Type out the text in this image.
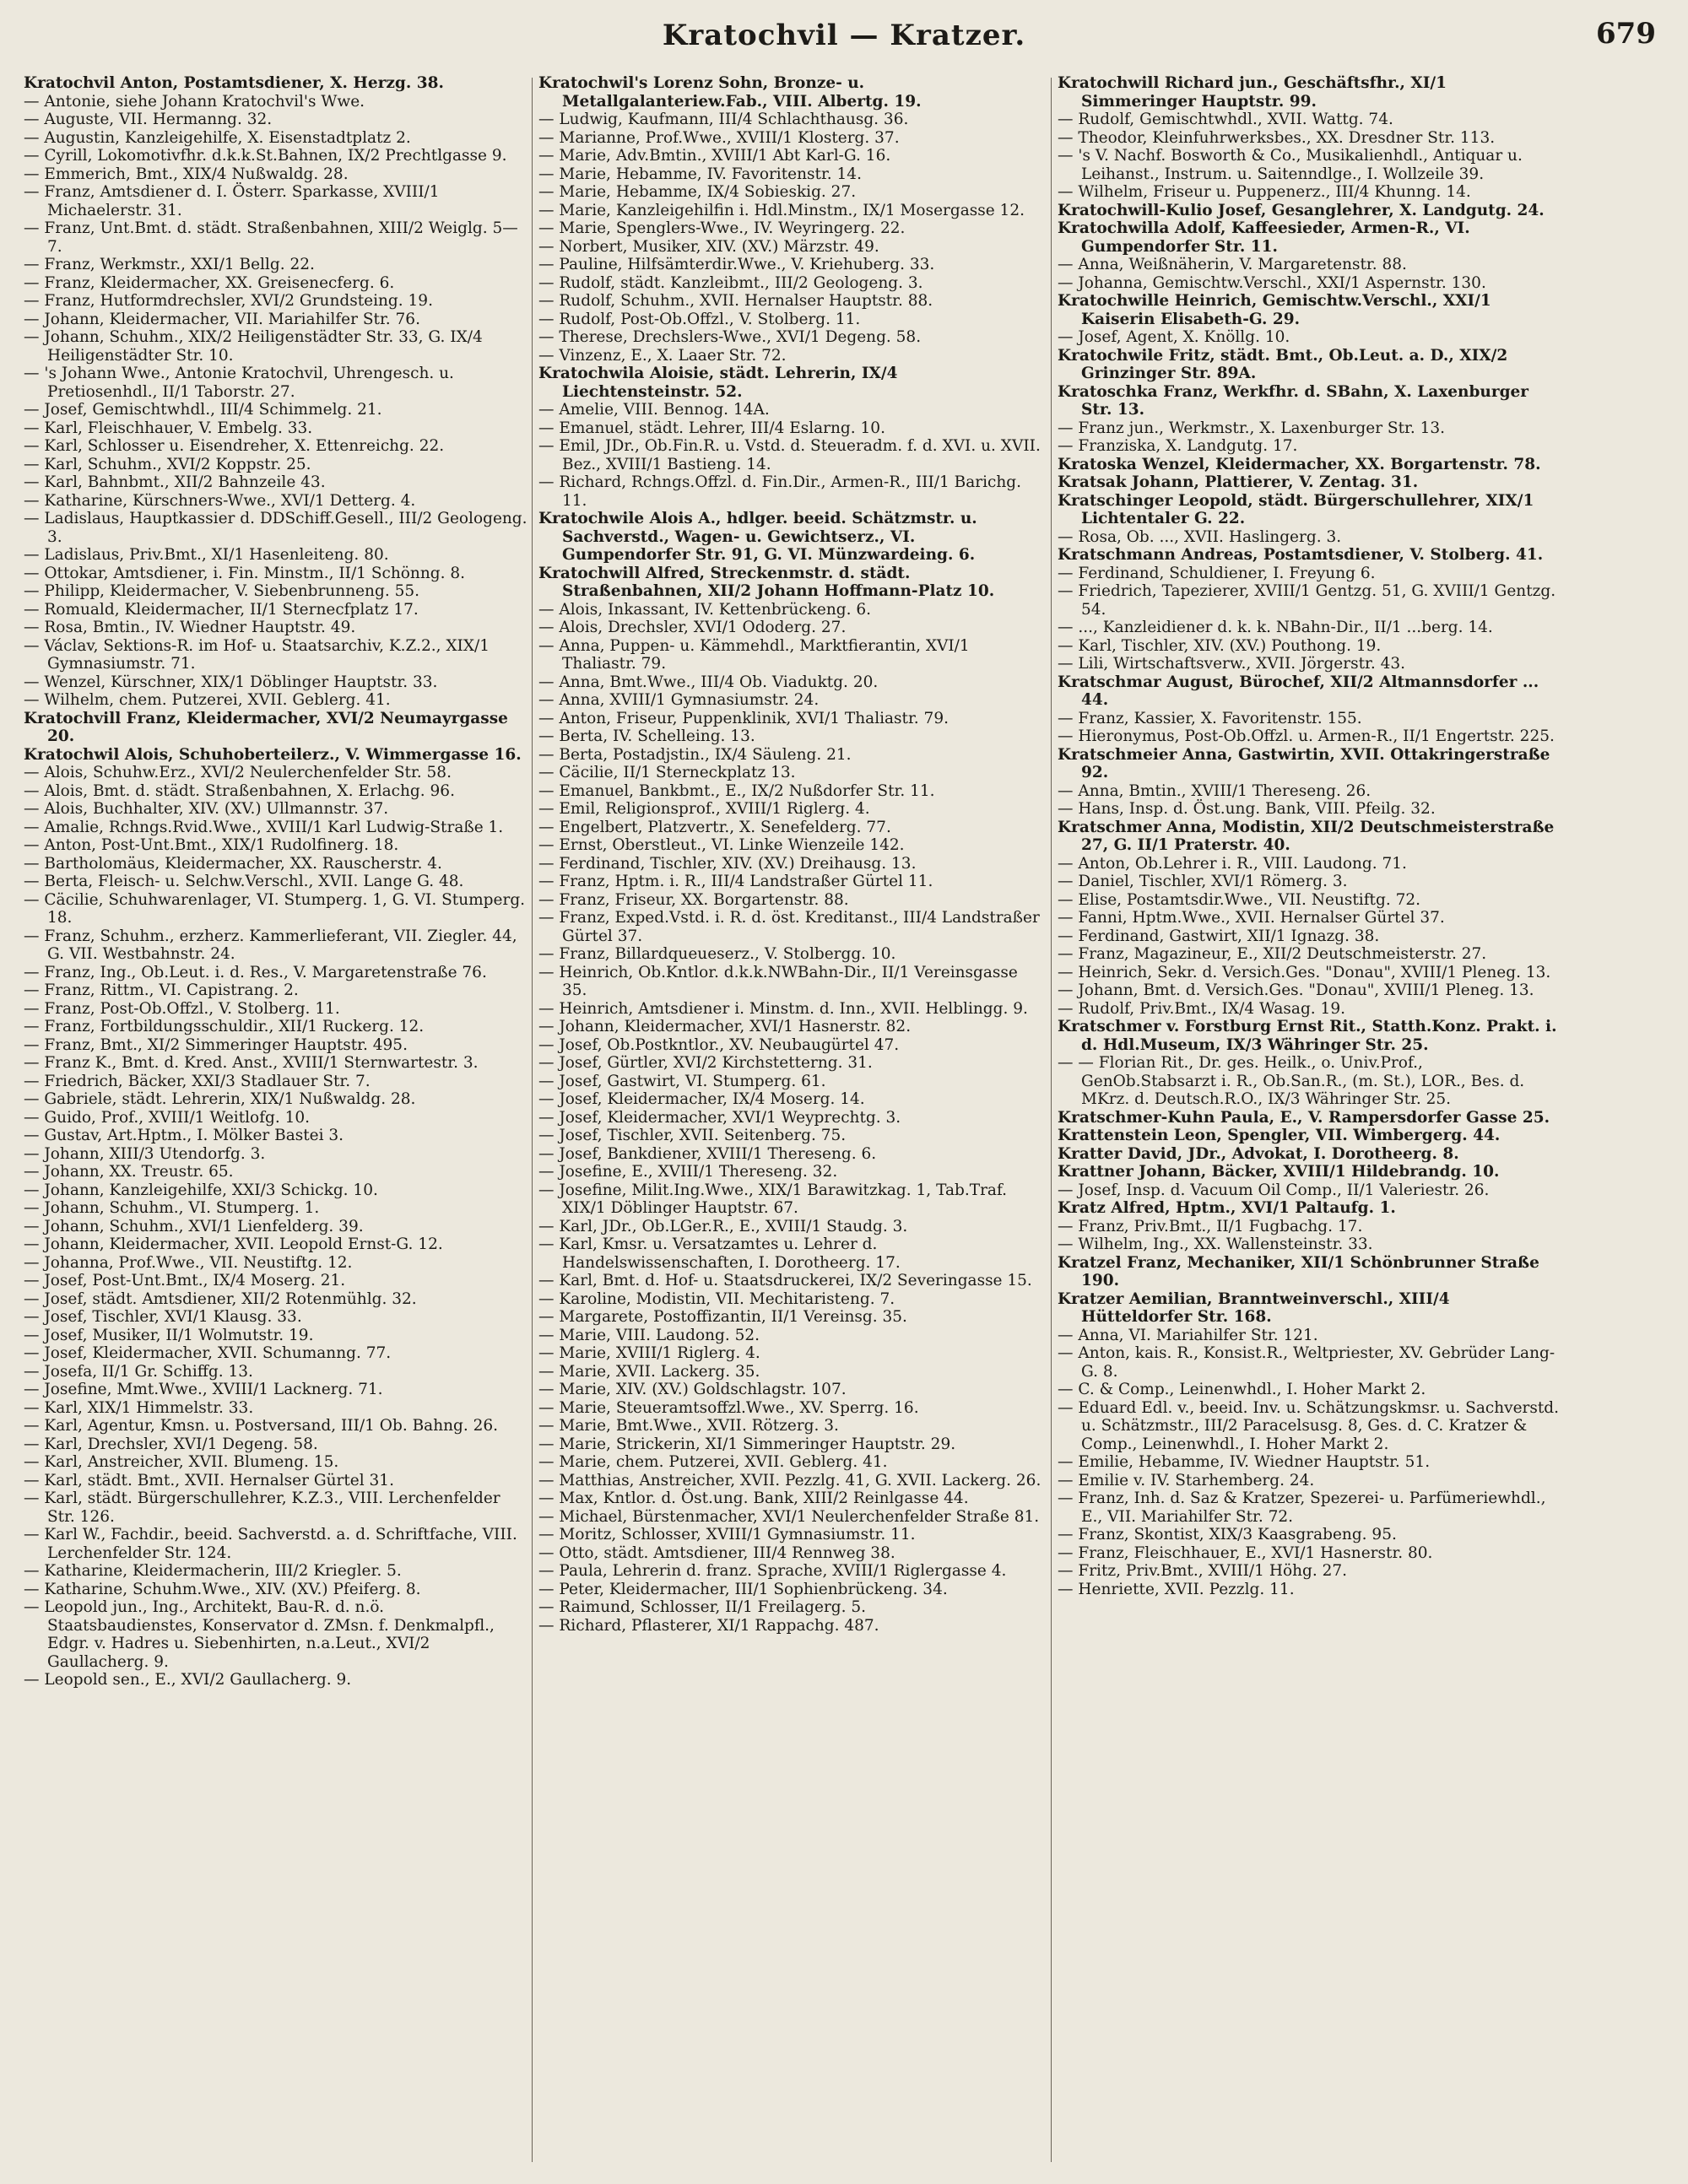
Kratochvil — Kratzer.	679

Kratochvil Anton, Postamtsdiener, X. Herzg. 38.

— Antonie, siehe Johann Kratochvil's Wwe.

— Auguste, VII. Hermanng. 32.

— Augustin, Kanzleigehilfe, X. Eisenstadtplatz 2.

— Cyrill, Lokomotivfhr. d.k.k.St.Bahnen, IX/2 Prechtlgasse 9.

— Emmerich, Bmt., XIX/4 Nußwaldg. 28.

— Franz, Amtsdiener d. I. Österr. Sparkasse, XVIII/1 Michaelerstr. 31.

— Franz, Unt.Bmt. d. städt. Straßenbahnen, XIII/2 Weiglg. 5—7.

— Franz, Werkmstr., XXI/1 Bellg. 22.

— Franz, Kleidermacher, XX. Greisenecferg. 6.

— Franz, Hutformdrechsler, XVI/2 Grundsteing. 19.

— Johann, Kleidermacher, VII. Mariahilfer Str. 76.

— Johann, Schuhm., XIX/2 Heiligenstädter Str. 33, G. IX/4 Heiligenstädter Str. 10.

— 's Johann Wwe., Antonie Kratochvil, Uhrengesch. u. Pretiosenhdl., II/1 Taborstr. 27.

— Josef, Gemischtwhdl., III/4 Schimmelg. 21.

— Karl, Fleischhauer, V. Embelg. 33.

— Karl, Schlosser u. Eisendreher, X. Ettenreichg. 22.

— Karl, Schuhm., XVI/2 Koppstr. 25.

— Karl, Bahnbmt., XII/2 Bahnzeile 43.

— Katharine, Kürschners-Wwe., XVI/1 Detterg. 4.

— Ladislaus, Hauptkassier d. DDSchiff.Gesell., III/2 Geologeng. 3.

— Ladislaus, Priv.Bmt., XI/1 Hasenleiteng. 80.

— Ottokar, Amtsdiener, i. Fin. Minstm., II/1 Schönng. 8.

— Philipp, Kleidermacher, V. Siebenbrunneng. 55.

— Romuald, Kleidermacher, II/1 Sternecfplatz 17.

— Rosa, Bmtin., IV. Wiedner Hauptstr. 49.

— Václav, Sektions-R. im Hof- u. Staatsarchiv, K.Z.2., XIX/1 Gymnasiumstr. 71.

— Wenzel, Kürschner, XIX/1 Döblinger Hauptstr. 33.

— Wilhelm, chem. Putzerei, XVII. Geblerg. 41.

Kratochvill Franz, Kleidermacher, XVI/2 Neumayrgasse 20.

Kratochwil Alois, Schuhoberteilerz., V. Wimmergasse 16.

— Alois, Schuhw.Erz., XVI/2 Neulerchenfelder Str. 58.

— Alois, Bmt. d. städt. Straßenbahnen, X. Erlachg. 96.

— Alois, Buchhalter, XIV. (XV.) Ullmannstr. 37.

— Amalie, Rchngs.Rvid.Wwe., XVIII/1 Karl Ludwig-Straße 1.

— Anton, Post-Unt.Bmt., XIX/1 Rudolfinerg. 18.

— Bartholomäus, Kleidermacher, XX. Rauscherstr. 4.

— Berta, Fleisch- u. Selchw.Verschl., XVII. Lange G. 48.

— Cäcilie, Schuhwarenlager, VI. Stumperg. 1, G. VI. Stumperg. 18.

— Franz, Schuhm., erzherz. Kammerlieferant, VII. Ziegler. 44, G. VII. Westbahnstr. 24.

— Franz, Ing., Ob.Leut. i. d. Res., V. Margaretenstraße 76.

— Franz, Rittm., VI. Capistrang. 2.

— Franz, Post-Ob.Offzl., V. Stolberg. 11.

— Franz, Fortbildungsschuldir., XII/1 Ruckerg. 12.

— Franz, Bmt., XI/2 Simmeringer Hauptstr. 495.

— Franz K., Bmt. d. Kred. Anst., XVIII/1 Sternwartestr. 3.

— Friedrich, Bäcker, XXI/3 Stadlauer Str. 7.

— Gabriele, städt. Lehrerin, XIX/1 Nußwaldg. 28.

— Guido, Prof., XVIII/1 Weitlofg. 10.

— Gustav, Art.Hptm., I. Mölker Bastei 3.

— Johann, XIII/3 Utendorfg. 3.

— Johann, XX. Treustr. 65.

— Johann, Kanzleigehilfe, XXI/3 Schickg. 10.

— Johann, Schuhm., VI. Stumperg. 1.

— Johann, Schuhm., XVI/1 Lienfelderg. 39.

— Johann, Kleidermacher, XVII. Leopold Ernst-G. 12.

— Johanna, Prof.Wwe., VII. Neustiftg. 12.

— Josef, Post-Unt.Bmt., IX/4 Moserg. 21.

— Josef, städt. Amtsdiener, XII/2 Rotenmühlg. 32.

— Josef, Tischler, XVI/1 Klausg. 33.

— Josef, Musiker, II/1 Wolmutstr. 19.

— Josef, Kleidermacher, XVII. Schumanng. 77.

— Josefa, II/1 Gr. Schiffg. 13.

— Josefine, Mmt.Wwe., XVIII/1 Lacknerg. 71.

— Karl, XIX/1 Himmelstr. 33.

— Karl, Agentur, Kmsn. u. Postversand, III/1 Ob. Bahng. 26.

— Karl, Drechsler, XVI/1 Degeng. 58.

— Karl, Anstreicher, XVII. Blumeng. 15.

— Karl, städt. Bmt., XVII. Hernalser Gürtel 31.

— Karl, städt. Bürgerschullehrer, K.Z.3., VIII. Lerchenfelder Str. 126.

— Karl W., Fachdir., beeid. Sachverstd. a. d. Schriftfache, VIII. Lerchenfelder Str. 124.

— Katharine, Kleidermacherin, III/2 Kriegler. 5.

— Katharine, Schuhm.Wwe., XIV. (XV.) Pfeiferg. 8.

— Leopold jun., Ing., Architekt, Bau-R. d. n.ö. Staatsbaudienstes, Konservator d. ZMsn. f. Denkmalpfl., Edgr. v. Hadres u. Siebenhirten, n.a.Leut., XVI/2 Gaullacherg. 9.

— Leopold sen., E., XVI/2 Gaullacherg. 9.

Kratochwil's Lorenz Sohn, Bronze- u. Metallgalanteriew.Fab., VIII. Albertg. 19.

— Ludwig, Kaufmann, III/4 Schlachthausg. 36.

— Marianne, Prof.Wwe., XVIII/1 Klosterg. 37.

— Marie, Adv.Bmtin., XVIII/1 Abt Karl-G. 16.

— Marie, Hebamme, IV. Favoritenstr. 14.

— Marie, Hebamme, IX/4 Sobieskig. 27.

— Marie, Kanzleigehilfin i. Hdl.Minstm., IX/1 Mosergasse 12.

— Marie, Spenglers-Wwe., IV. Weyringerg. 22.

— Norbert, Musiker, XIV. (XV.) Märzstr. 49.

— Pauline, Hilfsämterdir.Wwe., V. Kriehuberg. 33.

— Rudolf, städt. Kanzleibmt., III/2 Geologeng. 3.

— Rudolf, Schuhm., XVII. Hernalser Hauptstr. 88.

— Rudolf, Post-Ob.Offzl., V. Stolberg. 11.

— Therese, Drechslers-Wwe., XVI/1 Degeng. 58.

— Vinzenz, E., X. Laaer Str. 72.

Kratochwila Aloisie, städt. Lehrerin, IX/4 Liechtensteinstr. 52.

— Amelie, VIII. Bennog. 14A.

— Emanuel, städt. Lehrer, III/4 Eslarng. 10.

— Emil, JDr., Ob.Fin.R. u. Vstd. d. Steueradm. f. d. XVI. u. XVII. Bez., XVIII/1 Bastieng. 14.

— Richard, Rchngs.Offzl. d. Fin.Dir., Armen-R., III/1 Barichg. 11.

Kratochwile Alois A., hdlger. beeid. Schätzmstr. u. Sachverstd., Wagen- u. Gewichtserz., VI. Gumpendorfer Str. 91, G. VI. Münzwardeing. 6.

Kratochwill Alfred, Streckenmstr. d. städt. Straßenbahnen, XII/2 Johann Hoffmann-Platz 10.

— Alois, Inkassant, IV. Kettenbrückeng. 6.

— Alois, Drechsler, XVI/1 Ododerg. 27.

— Anna, Puppen- u. Kämmehdl., Marktfierantin, XVI/1 Thaliastr. 79.

— Anna, Bmt.Wwe., III/4 Ob. Viaduktg. 20.

— Anna, XVIII/1 Gymnasiumstr. 24.

— Anton, Friseur, Puppenklinik, XVI/1 Thaliastr. 79.

— Berta, IV. Schelleing. 13.

— Berta, Postadjstin., IX/4 Säuleng. 21.

— Cäcilie, II/1 Sterneckplatz 13.

— Emanuel, Bankbmt., E., IX/2 Nußdorfer Str. 11.

— Emil, Religionsprof., XVIII/1 Riglerg. 4.

— Engelbert, Platzvertr., X. Senefelderg. 77.

— Ernst, Oberstleut., VI. Linke Wienzeile 142.

— Ferdinand, Tischler, XIV. (XV.) Dreihausg. 13.

— Franz, Hptm. i. R., III/4 Landstraßer Gürtel 11.

— Franz, Friseur, XX. Borgartenstr. 88.

— Franz, Exped.Vstd. i. R. d. öst. Kreditanst., III/4 Landstraßer Gürtel 37.

— Franz, Billardqueueserz., V. Stolbergg. 10.

— Heinrich, Ob.Kntlor. d.k.k.NWBahn-Dir., II/1 Vereinsgasse 35.

— Heinrich, Amtsdiener i. Minstm. d. Inn., XVII. Helblingg. 9.

— Johann, Kleidermacher, XVI/1 Hasnerstr. 82.

— Josef, Ob.Postkntlor., XV. Neubaugürtel 47.

— Josef, Gürtler, XVI/2 Kirchstetterng. 31.

— Josef, Gastwirt, VI. Stumperg. 61.

— Josef, Kleidermacher, IX/4 Moserg. 14.

— Josef, Kleidermacher, XVI/1 Weyprechtg. 3.

— Josef, Tischler, XVII. Seitenberg. 75.

— Josef, Bankdiener, XVIII/1 Thereseng. 6.

— Josefine, E., XVIII/1 Thereseng. 32.

— Josefine, Milit.Ing.Wwe., XIX/1 Barawitzkag. 1, Tab.Traf. XIX/1 Döblinger Hauptstr. 67.

— Karl, JDr., Ob.LGer.R., E., XVIII/1 Staudg. 3.

— Karl, Kmsr. u. Versatzamtes u. Lehrer d. Handelswissenschaften, I. Dorotheerg. 17.

— Karl, Bmt. d. Hof- u. Staatsdruckerei, IX/2 Severingasse 15.

— Karoline, Modistin, VII. Mechitaristeng. 7.

— Margarete, Postoffizantin, II/1 Vereinsg. 35.

— Marie, VIII. Laudong. 52.

— Marie, XVIII/1 Riglerg. 4.

— Marie, XVII. Lackerg. 35.

— Marie, XIV. (XV.) Goldschlagstr. 107.

— Marie, Steueramtsoffzl.Wwe., XV. Sperrg. 16.

— Marie, Bmt.Wwe., XVII. Rötzerg. 3.

— Marie, Strickerin, XI/1 Simmeringer Hauptstr. 29.

— Marie, chem. Putzerei, XVII. Geblerg. 41.

— Matthias, Anstreicher, XVII. Pezzlg. 41, G. XVII. Lackerg. 26.

— Max, Kntlor. d. Öst.ung. Bank, XIII/2 Reinlgasse 44.

— Michael, Bürstenmacher, XVI/1 Neulerchenfelder Straße 81.

— Moritz, Schlosser, XVIII/1 Gymnasiumstr. 11.

— Otto, städt. Amtsdiener, III/4 Rennweg 38.

— Paula, Lehrerin d. franz. Sprache, XVIII/1 Riglergasse 4.

— Peter, Kleidermacher, III/1 Sophienbrückeng. 34.

— Raimund, Schlosser, II/1 Freilagerg. 5.

— Richard, Pflasterer, XI/1 Rappachg. 487.

Kratochwill Richard jun., Geschäftsfhr., XI/1 Simmeringer Hauptstr. 99.

— Rudolf, Gemischtwhdl., XVII. Wattg. 74.

— Theodor, Kleinfuhrwerksbes., XX. Dresdner Str. 113.

— 's V. Nachf. Bosworth & Co., Musikalienhdl., Antiquar u. Leihanst., Instrum. u. Saitenndlge., I. Wollzeile 39.

— Wilhelm, Friseur u. Puppenerz., III/4 Khunng. 14.

Kratochwill-Kulio Josef, Gesanglehrer, X. Landgutg. 24.

Kratochwilla Adolf, Kaffeesieder, Armen-R., VI. Gumpendorfer Str. 11.

— Anna, Weißnäherin, V. Margaretenstr. 88.

— Johanna, Gemischtw.Verschl., XXI/1 Aspernstr. 130.

Kratochwille Heinrich, Gemischtw.Verschl., XXI/1 Kaiserin Elisabeth-G. 29.

— Josef, Agent, X. Knöllg. 10.

Kratochwile Fritz, städt. Bmt., Ob.Leut. a. D., XIX/2 Grinzinger Str. 89A.

Kratoschka Franz, Werkfhr. d. SBahn, X. Laxenburger Str. 13.

— Franz jun., Werkmstr., X. Laxenburger Str. 13.

— Franziska, X. Landgutg. 17.

Kratoska Wenzel, Kleidermacher, XX. Borgartenstr. 78.

Kratsak Johann, Plattierer, V. Zentag. 31.

Kratschinger Leopold, städt. Bürgerschullehrer, XIX/1 Lichtentaler G. 22.

— Rosa, Ob. ..., XVII. Haslingerg. 3.

Kratschmann Andreas, Postamtsdiener, V. Stolberg. 41.

— Ferdinand, Schuldiener, I. Freyung 6.

— Friedrich, Tapezierer, XVIII/1 Gentzg. 51, G. XVIII/1 Gentzg. 54.

— ..., Kanzleidiener d. k. k. NBahn-Dir., II/1 ...berg. 14.

— Karl, Tischler, XIV. (XV.) Pouthong. 19.

— Lili, Wirtschaftsverw., XVII. Jörgerstr. 43.

Kratschmar August, Bürochef, XII/2 Altmannsdorfer ... 44.

— Franz, Kassier, X. Favoritenstr. 155.

— Hieronymus, Post-Ob.Offzl. u. Armen-R., II/1 Engertstr. 225.

Kratschmeier Anna, Gastwirtin, XVII. Ottakringerstraße 92.

— Anna, Bmtin., XVIII/1 Thereseng. 26.

— Hans, Insp. d. Öst.ung. Bank, VIII. Pfeilg. 32.

Kratschmer Anna, Modistin, XII/2 Deutschmeisterstraße 27, G. II/1 Praterstr. 40.

— Anton, Ob.Lehrer i. R., VIII. Laudong. 71.

— Daniel, Tischler, XVI/1 Römerg. 3.

— Elise, Postamtsdir.Wwe., VII. Neustiftg. 72.

— Fanni, Hptm.Wwe., XVII. Hernalser Gürtel 37.

— Ferdinand, Gastwirt, XII/1 Ignazg. 38.

— Franz, Magazineur, E., XII/2 Deutschmeisterstr. 27.

— Heinrich, Sekr. d. Versich.Ges. "Donau", XVIII/1 Pleneg. 13.

— Johann, Bmt. d. Versich.Ges. "Donau", XVIII/1 Pleneg. 13.

— Rudolf, Priv.Bmt., IX/4 Wasag. 19.

Kratschmer v. Forstburg Ernst Rit., Statth.Konz. Prakt. i. d. Hdl.Museum, IX/3 Währinger Str. 25.

— — Florian Rit., Dr. ges. Heilk., o. Univ.Prof., GenOb.Stabsarzt i. R., Ob.San.R., (m. St.), LOR., Bes. d. MKrz. d. Deutsch.R.O., IX/3 Währinger Str. 25.

Kratschmer-Kuhn Paula, E., V. Rampersdorfer Gasse 25.

Krattenstein Leon, Spengler, VII. Wimbergerg. 44.

Kratter David, JDr., Advokat, I. Dorotheerg. 8.

Krattner Johann, Bäcker, XVIII/1 Hildebrandg. 10.

— Josef, Insp. d. Vacuum Oil Comp., II/1 Valeriestr. 26.

Kratz Alfred, Hptm., XVI/1 Paltaufg. 1.

— Franz, Priv.Bmt., II/1 Fugbachg. 17.

— Wilhelm, Ing., XX. Wallensteinstr. 33.

Kratzel Franz, Mechaniker, XII/1 Schönbrunner Straße 190.

Kratzer Aemilian, Branntweinverschl., XIII/4 Hütteldorfer Str. 168.

— Anna, VI. Mariahilfer Str. 121.

— Anton, kais. R., Konsist.R., Weltpriester, XV. Gebrüder Lang-G. 8.

— C. & Comp., Leinenwhdl., I. Hoher Markt 2.

— Eduard Edl. v., beeid. Inv. u. Schätzungskmsr. u. Sachverstd. u. Schätzmstr., III/2 Paracelsusg. 8, Ges. d. C. Kratzer & Comp., Leinenwhdl., I. Hoher Markt 2.

— Emilie, Hebamme, IV. Wiedner Hauptstr. 51.

— Emilie v. IV. Starhemberg. 24.

— Franz, Inh. d. Saz & Kratzer, Spezerei- u. Parfümeriewhdl., E., VII. Mariahilfer Str. 72.

— Franz, Skontist, XIX/3 Kaasgrabeng. 95.

— Franz, Fleischhauer, E., XVI/1 Hasnerstr. 80.

— Fritz, Priv.Bmt., XVIII/1 Höhg. 27.

— Henriette, XVII. Pezzlg. 11.
